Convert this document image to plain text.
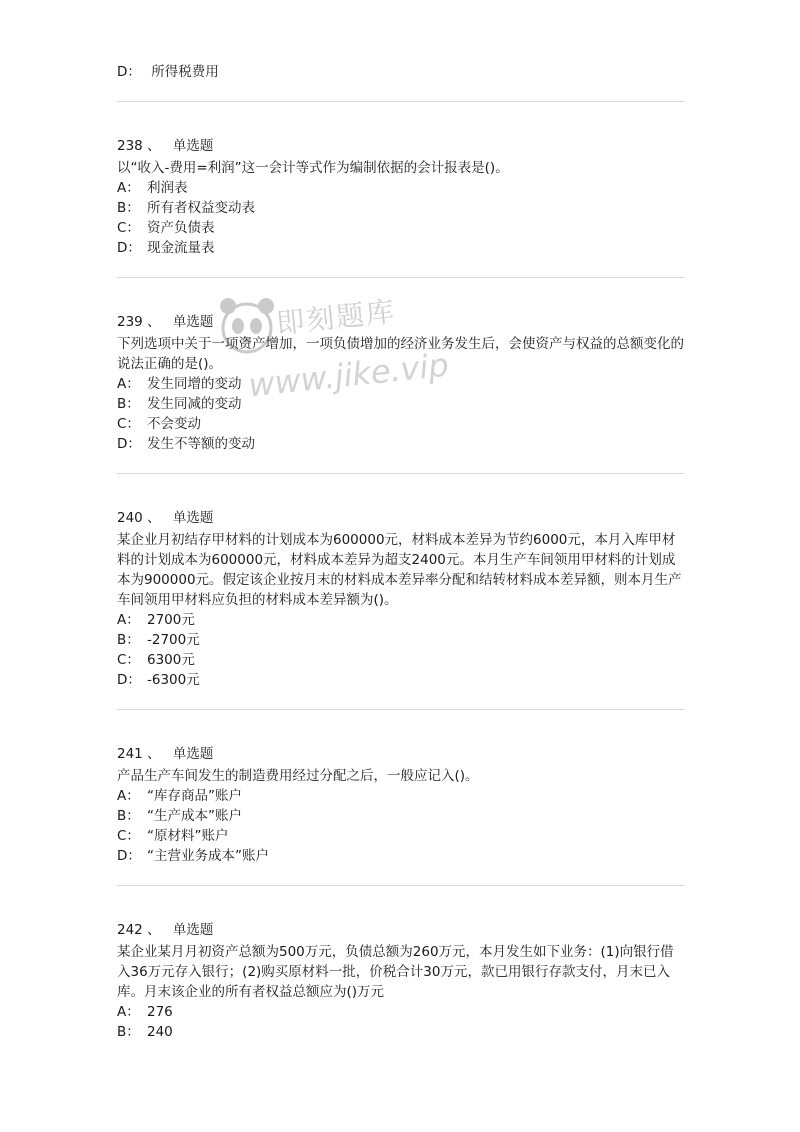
即刻题库
www.jike.vip
D： 所得税费用
238 、 单选题

以“收入-费用=利润”这一会计等式作为编制依据的会计报表是()。

A： 利润表
B： 所有者权益变动表
C： 资产负债表
D： 现金流量表
239 、 单选题

下列选项中关于一项资产增加，一项负债增加的经济业务发生后，会使资产与权益的总额变化的说法正确的是()。

A： 发生同增的变动
B： 发生同减的变动
C： 不会变动
D： 发生不等额的变动
240 、 单选题

某企业月初结存甲材料的计划成本为600000元，材料成本差异为节约6000元，本月入库甲材料的计划成本为600000元，材料成本差异为超支2400元。本月生产车间领用甲材料的计划成本为900000元。假定该企业按月末的材料成本差异率分配和结转材料成本差异额，则本月生产车间领用甲材料应负担的材料成本差异额为()。

A： 2700元
B： -2700元
C： 6300元
D： -6300元
241 、 单选题

产品生产车间发生的制造费用经过分配之后，一般应记入()。

A： “库存商品”账户
B： “生产成本”账户
C： “原材料”账户
D： “主营业务成本”账户
242 、 单选题

某企业某月月初资产总额为500万元，负债总额为260万元，本月发生如下业务：(1)向银行借入36万元存入银行；(2)购买原材料一批，价税合计30万元，款已用银行存款支付，月末已入库。月末该企业的所有者权益总额应为()万元

A： 276
B： 240
